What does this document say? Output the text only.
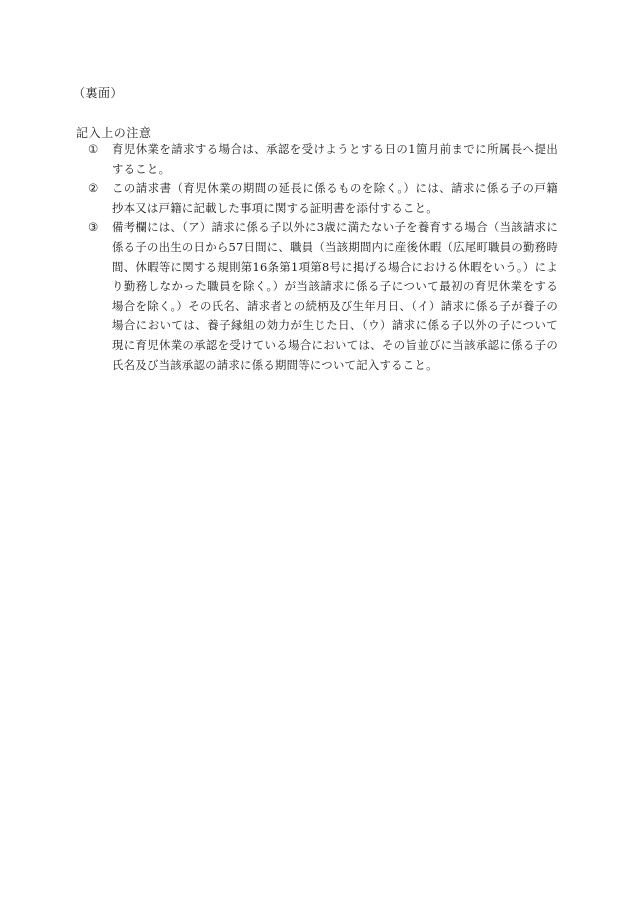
（裏面）
記入上の注意
①	育児休業を請求する場合は、承認を受けようとする日の1箇月前までに所属長へ提出すること。

②	この請求書（育児休業の期間の延長に係るものを除く。）には、請求に係る子の戸籍抄本又は戸籍に記載した事項に関する証明書を添付すること。

③	備考欄には、（ア）請求に係る子以外に3歳に満たない子を養育する場合（当該請求に係る子の出生の日から57日間に、職員（当該期間内に産後休暇（広尾町職員の勤務時間、休暇等に関する規則第16条第1項第8号に掲げる場合における休暇をいう。）により勤務しなかった職員を除く。）が当該請求に係る子について最初の育児休業をする場合を除く。）その氏名、請求者との続柄及び生年月日、（イ）請求に係る子が養子の場合においては、養子縁組の効力が生じた日、（ウ）請求に係る子以外の子について現に育児休業の承認を受けている場合においては、その旨並びに当該承認に係る子の氏名及び当該承認の請求に係る期間等について記入すること。
